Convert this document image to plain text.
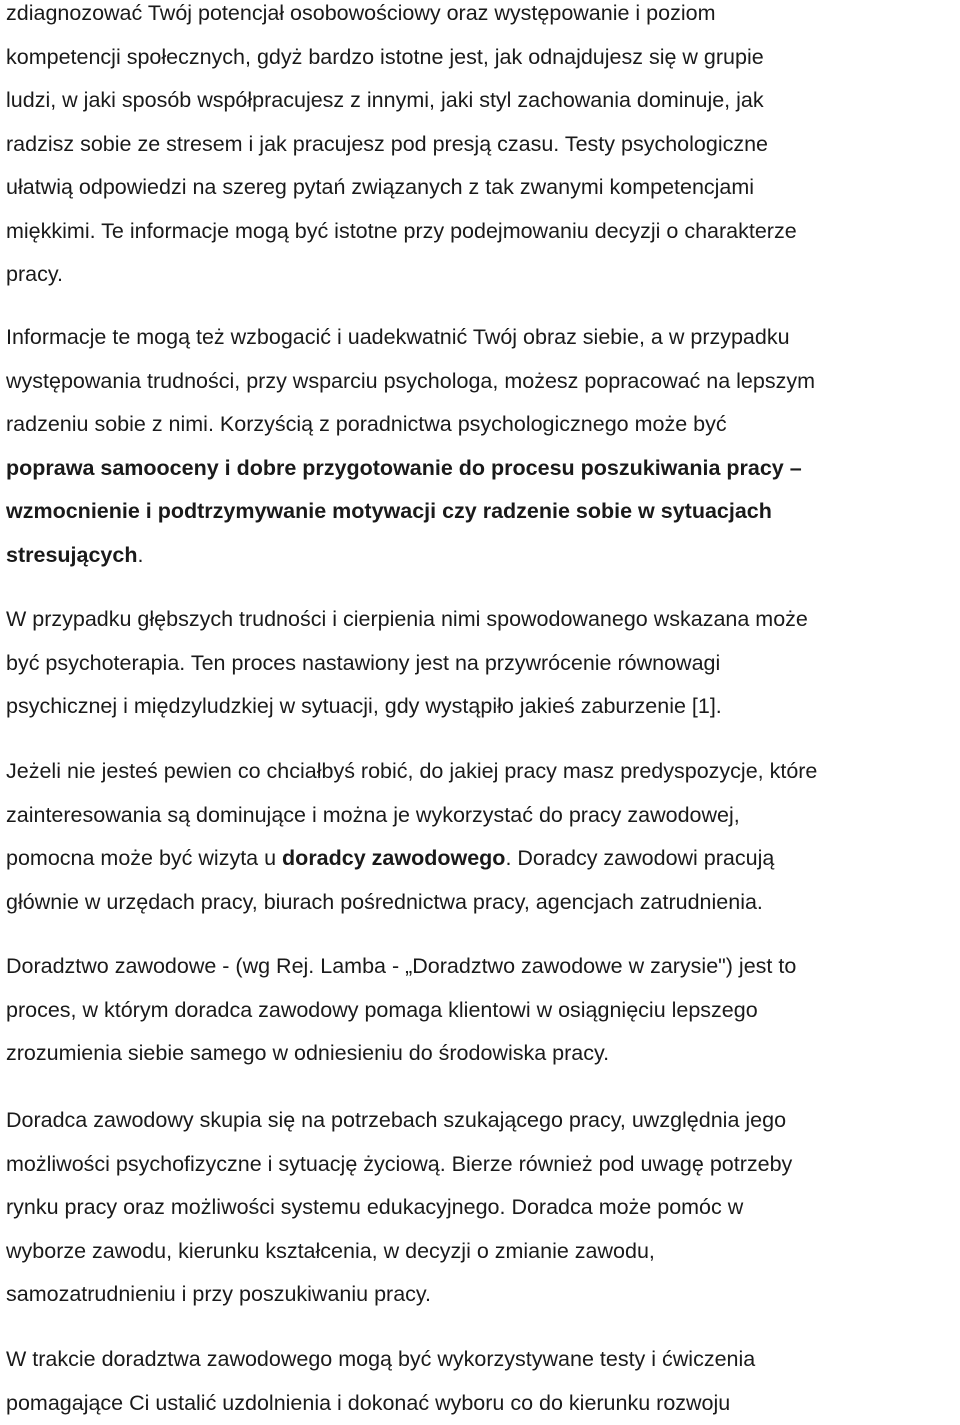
zdiagnozować Twój potencjał osobowościowy oraz występowanie i poziom
kompetencji społecznych, gdyż bardzo istotne jest, jak odnajdujesz się w grupie
ludzi, w jaki sposób współpracujesz z innymi, jaki styl zachowania dominuje, jak
radzisz sobie ze stresem i jak pracujesz pod presją czasu. Testy psychologiczne
ułatwią odpowiedzi na szereg pytań związanych z tak zwanymi kompetencjami
miękkimi. Te informacje mogą być istotne przy podejmowaniu decyzji o charakterze
pracy.
Informacje te mogą też wzbogacić i uadekwatnić Twój obraz siebie, a w przypadku
występowania trudności, przy wsparciu psychologa, możesz popracować na lepszym
radzeniu sobie z nimi. Korzyścią z poradnictwa psychologicznego może być
poprawa samooceny i dobre przygotowanie do procesu poszukiwania pracy –
wzmocnienie i podtrzymywanie motywacji czy radzenie sobie w sytuacjach
stresujących.
W przypadku głębszych trudności i cierpienia nimi spowodowanego wskazana może
być psychoterapia. Ten proces nastawiony jest na przywrócenie równowagi
psychicznej i międzyludzkiej w sytuacji, gdy wystąpiło jakieś zaburzenie [1].
Jeżeli nie jesteś pewien co chciałbyś robić, do jakiej pracy masz predyspozycje, które
zainteresowania są dominujące i można je wykorzystać do pracy zawodowej,
pomocna może być wizyta u doradcy zawodowego. Doradcy zawodowi pracują
głównie w urzędach pracy, biurach pośrednictwa pracy, agencjach zatrudnienia.
Doradztwo zawodowe - (wg Rej. Lamba - „Doradztwo zawodowe w zarysie") jest to
proces, w którym doradca zawodowy pomaga klientowi w osiągnięciu lepszego
zrozumienia siebie samego w odniesieniu do środowiska pracy.
Doradca zawodowy skupia się na potrzebach szukającego pracy, uwzględnia jego
możliwości psychofizyczne i sytuację życiową. Bierze również pod uwagę potrzeby
rynku pracy oraz możliwości systemu edukacyjnego. Doradca może pomóc w
wyborze zawodu, kierunku kształcenia, w decyzji o zmianie zawodu,
samozatrudnieniu i przy poszukiwaniu pracy.
W trakcie doradztwa zawodowego mogą być wykorzystywane testy i ćwiczenia
pomagające Ci ustalić uzdolnienia i dokonać wyboru co do kierunku rozwoju
